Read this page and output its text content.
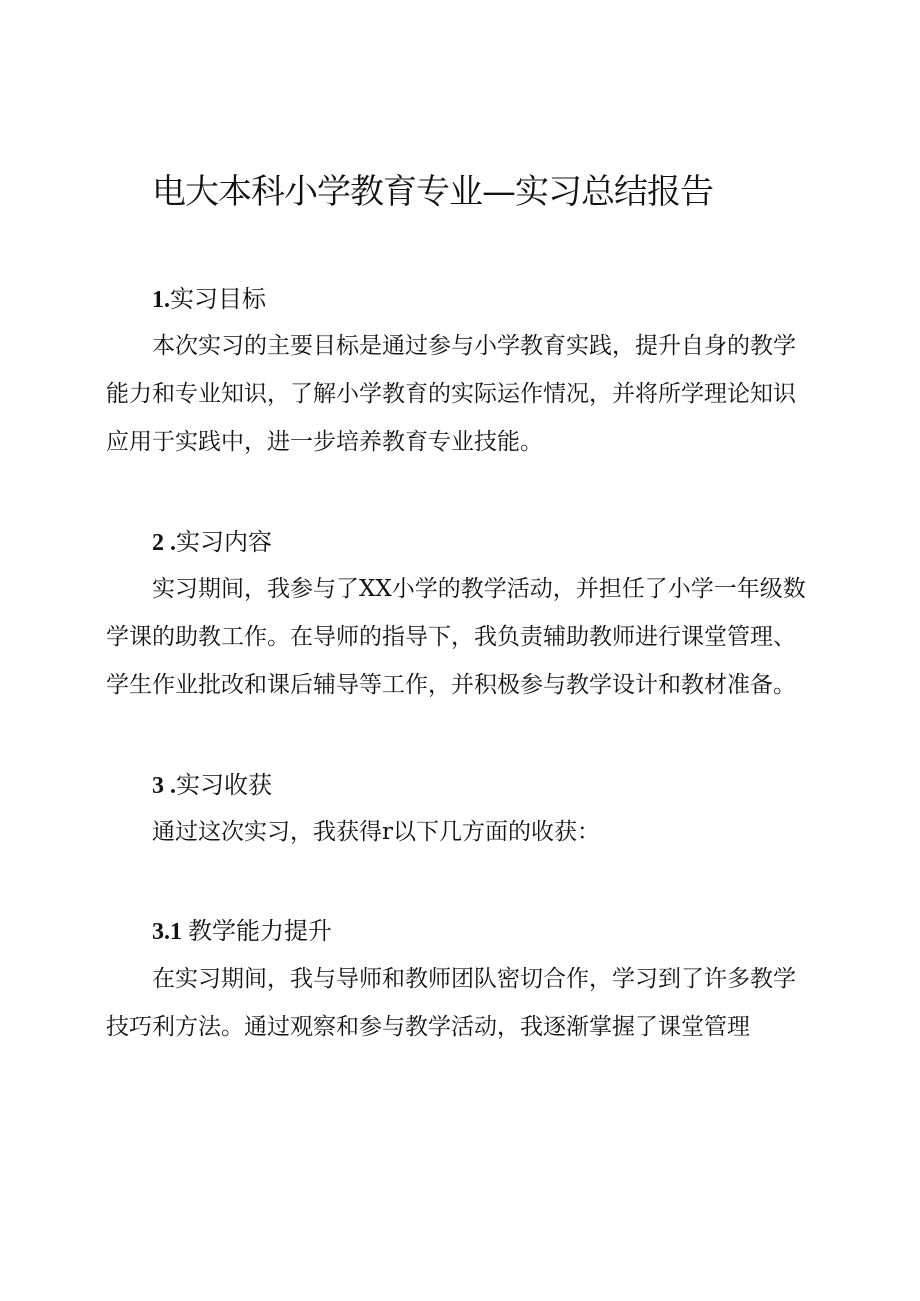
电大本科小学教育专业—实习总结报告
1.实习目标

本次实习的主要目标是通过参与小学教育实践，提升自身的教学
能力和专业知识，了解小学教育的实际运作情况，并将所学理论知识
应用于实践中，进一步培养教育专业技能。

2 .实习内容

实习期间，我参与了XX小学的教学活动，并担任了小学一年级数
学课的助教工作。在导师的指导下，我负责辅助教师进行课堂管理、
学生作业批改和课后辅导等工作，并积极参与教学设计和教材准备。

3 .实习收获

通过这次实习，我获得r以下几方面的收获：

3.1 教学能力提升

在实习期间，我与导师和教师团队密切合作，学习到了许多教学
技巧利方法。通过观察和参与教学活动，我逐渐掌握了课堂管理
